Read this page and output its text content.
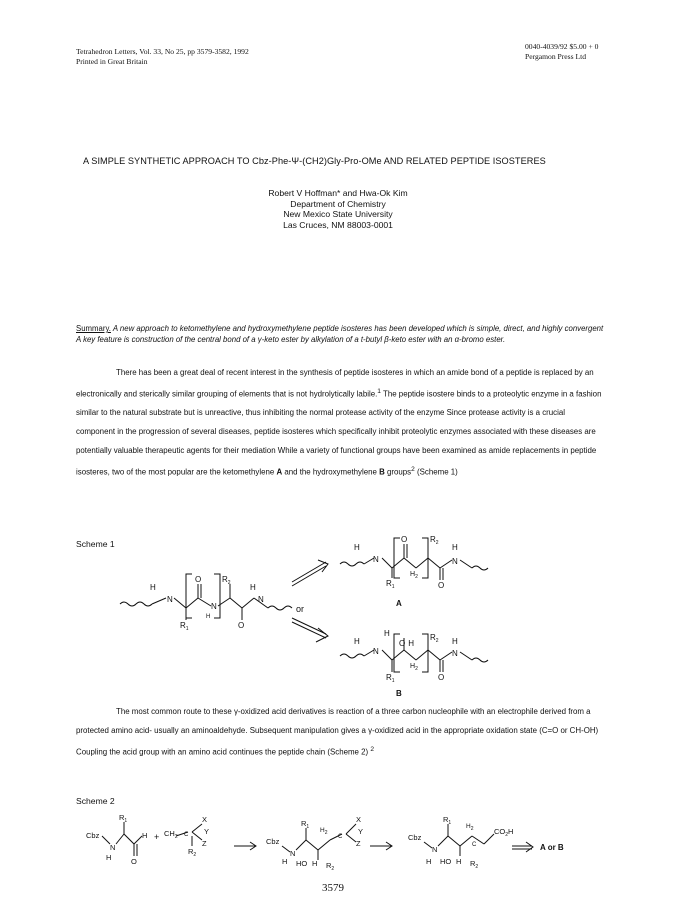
Tetrahedron Letters, Vol. 33, No 25, pp 3579-3582, 1992
Printed in Great Britain
0040-4039/92 $5.00 + 0
Pergamon Press Ltd
A SIMPLE SYNTHETIC APPROACH TO Cbz-Phe-Ψ-(CH2)Gly-Pro-OMe AND RELATED PEPTIDE ISOSTERES
Robert V Hoffman* and Hwa-Ok Kim
Department of Chemistry
New Mexico State University
Las Cruces, NM 88003-0001
Summary. A new approach to ketomethylene and hydroxymethylene peptide isosteres has been developed which is simple, direct, and highly convergent A key feature is construction of the central bond of a γ-keto ester by alkylation of a t-butyl β-keto ester with an α-bromo ester.

There has been a great deal of recent interest in the synthesis of peptide isosteres in which an amide bond of a peptide is replaced by an electronically and sterically similar grouping of elements that is not hydrolytically labile.$^1$ The peptide isostere binds to a proteolytic enzyme in a fashion similar to the natural substrate but is unreactive, thus inhibiting the normal protease activity of the enzyme Since protease activity is a crucial component in the progression of several diseases, peptide isosteres which specifically inhibit proteolytic enzymes associated with these diseases are potentially valuable therapeutic agents for their mediation While a variety of functional groups have been examined as amide replacements in peptide isosteres, two of the most popular are the ketomethylene A and the hydroxymethylene B groups$^2$ (Scheme 1)

Scheme 1
H
N
O
$R_1$
N
H
$R_2$
O
H
N
or
H
N
O
$R_1$
$H_2$
$R_2$
O
H
N
A
H
H
N
O H
$R_1$
$H_2$
$R_2$
O
H
N
B

The most common route to these γ-oxidized acid derivatives is reaction of a three carbon nucleophile with an electrophile derived from a protected amino acid- usually an aminoaldehyde. Subsequent manipulation gives a γ-oxidized acid in the appropriate oxidation state (C=O or CH-OH) Coupling the acid group with an amino acid continues the peptide chain (Scheme 2) $^2$

Scheme 2
Cbz
N
H
$R_1$
O
$H + CH_2$ C
X
Y
Z
$R_2$
Cbz
N
H
$R_1$
HO H
$H_2$
C
X
Y
Z
$R_2$
Cbz
N
H
$R_1$
HO H
$H_2$
C
$CO_2H$
$R_2$
A or B
3579
